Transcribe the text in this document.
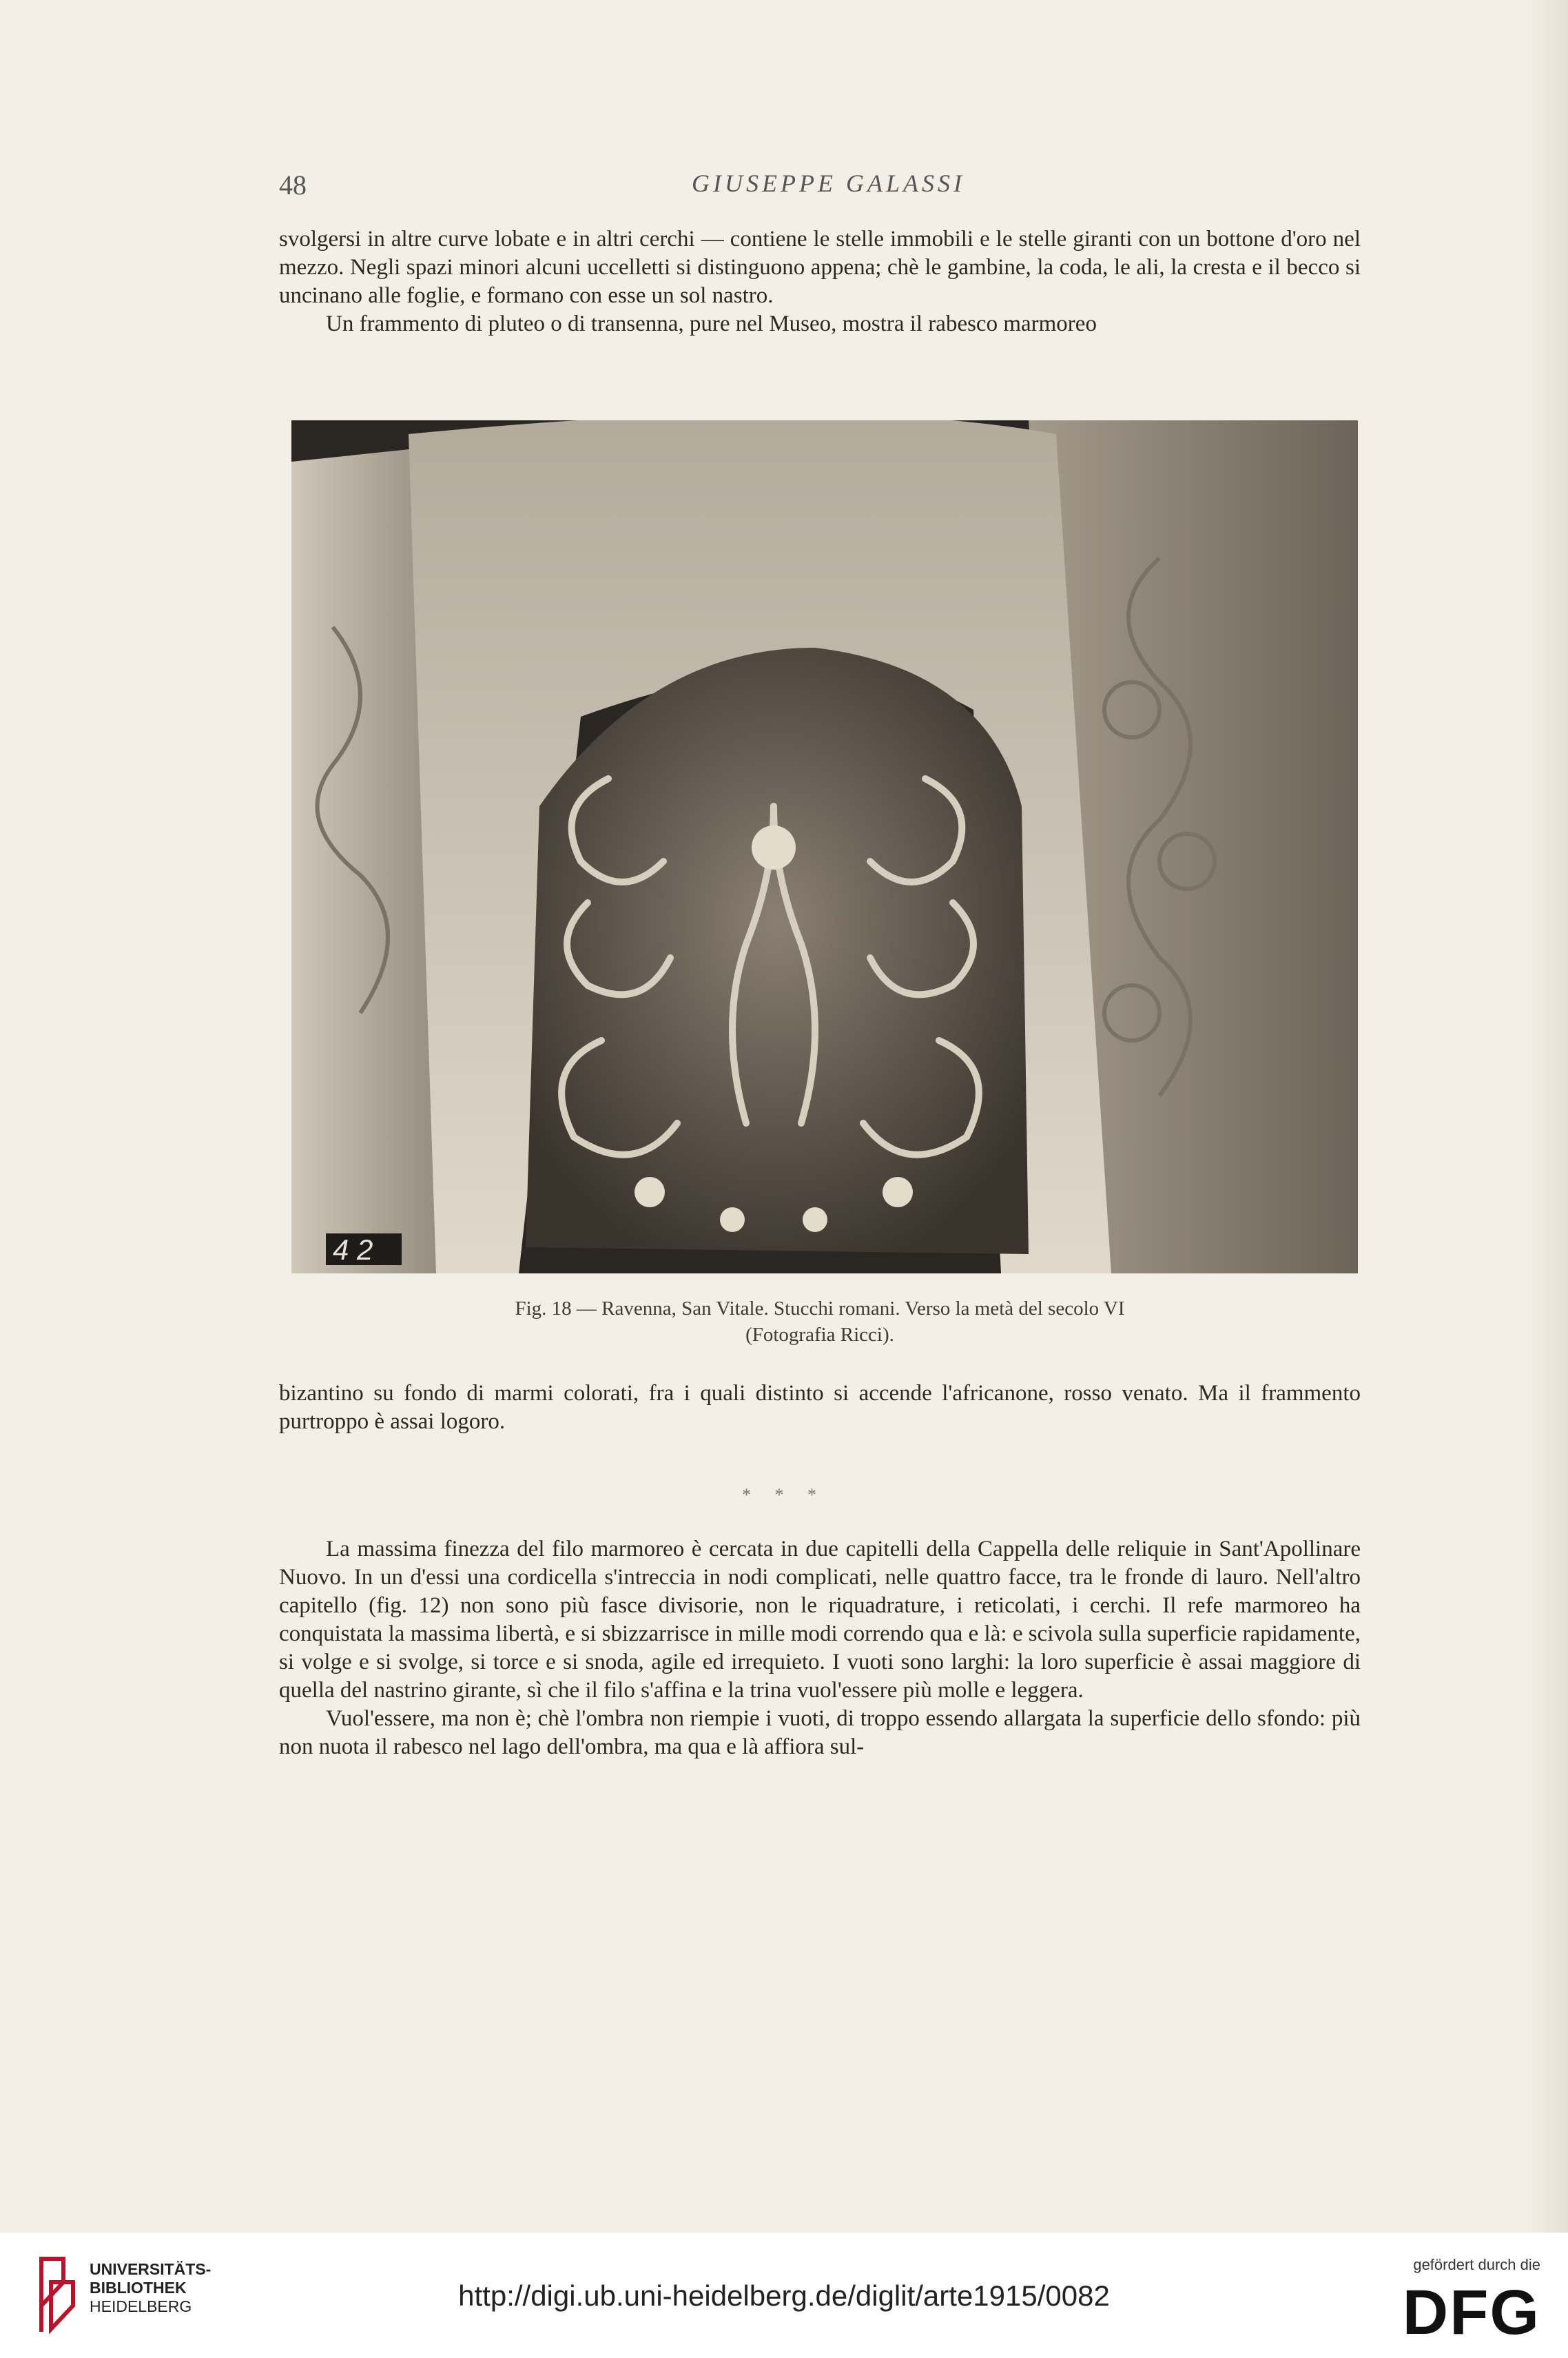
48	GIUSEPPE GALASSI

svolgersi in altre curve lobate e in altri cerchi — contiene le stelle immobili e le stelle giranti con un bottone d'oro nel mezzo. Negli spazi minori alcuni uccelletti si distinguono appena; chè le gambine, la coda, le ali, la cresta e il becco si uncinano alle foglie, e formano con esse un sol nastro.

Un frammento di pluteo o di transenna, pure nel Museo, mostra il rabesco marmoreo

4 2
Fig. 18 — Ravenna, San Vitale. Stucchi romani. Verso la metà del secolo VI
(Fotografia Ricci).

bizantino su fondo di marmi colorati, fra i quali distinto si accende l'africanone, rosso venato. Ma il frammento purtroppo è assai logoro.

* * *

La massima finezza del filo marmoreo è cercata in due capitelli della Cappella delle reliquie in Sant'Apollinare Nuovo. In un d'essi una cordicella s'intreccia in nodi complicati, nelle quattro facce, tra le fronde di lauro. Nell'altro capitello (fig. 12) non sono più fasce divisorie, non le riquadrature, i reticolati, i cerchi. Il refe marmoreo ha conquistata la massima libertà, e si sbizzarrisce in mille modi correndo qua e là: e scivola sulla superficie rapidamente, si volge e si svolge, si torce e si snoda, agile ed irrequieto. I vuoti sono larghi: la loro superficie è assai maggiore di quella del nastrino girante, sì che il filo s'affina e la trina vuol'essere più molle e leggera.

Vuol'essere, ma non è; chè l'ombra non riempie i vuoti, di troppo essendo allargata la superficie dello sfondo: più non nuota il rabesco nel lago dell'ombra, ma qua e là affiora sul-

UNIVERSITÄTS-
BIBLIOTHEK
HEIDELBERG	http://digi.ub.uni-heidelberg.de/diglit/arte1915/0082
gefördert durch die
DFG
